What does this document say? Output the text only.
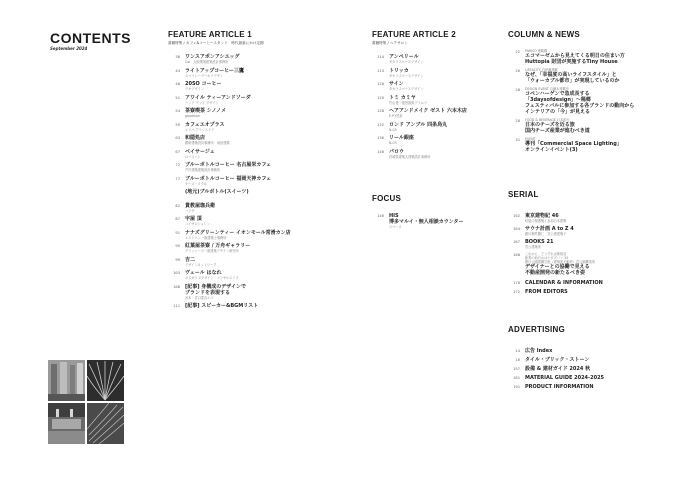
CONTENTS
September 2024
FEATURE ARTICLE 1
書籍特集 / カフェ&コーヒースタンド　時代最新にかけ定期
38 ワンスアポンアシエッグ
Cal　大阪環境建築設計事務所
44 ライトアップコーヒー三鷹
スペイシーデーホテデザン
48 20SO コーヒー
テキデザイン
51 アワイル ティーアンドソーダ
ハッド デッド デザイン
54 茶寮喫茶 シノノメ
goodman
59 カフェエオプラス
エリペ アリシスイテ
63 和隠処店
勝研建築設計事務所　雨読建築
67 ベイサージュ
ロースハト
72 ブルーボトルコーヒー 名古屋栄カフェ
芦沢建築建築設計事務所
77 ブルーボトルコーヒー 福岡天神カフェ
ケーズ・リクル
(地元)ブルボトル(スイーツ)
82 貴教屋珈兵衛
ハジサ
87 宇屋 頂
コイサジショシン
91 ナナズグリーンティー イオンモール常滑カン店
エストベン一級建築士事務所
95 紅葉屋茶寮 / 万舟ギャラリー
グラッシーズ一級建築デザイン研究所
99 吉二
デザインネットワーク
103 ヴェール はなれ
ボスガラフデザイン・コンサルスイフ
108 [記事] 身構成のデザインで
ブランドを表現する
岩本・宮口豊吉エコ
111 [記事] スピーカー&BGMリスト
FEATURE ARTICLE 2
書籍特集 / ヘアサロン
114 アンペリール
タカラスペースデザイン
115 トリッカ
タカラスペースデザイン
120 サイン
タカラスペースデザイン
125 トミ カミヤ
竹山建一建設級級デラルワ
128 ヘアアンドメイク ゼスト 六本木店
E.P.Y設計
132 ロンド アンブル 四条烏丸
N-03
136 リール銀座
N-03
140 パロウ
宮城県建築人建築設計事務所
FOCUS
146 HIS
博多マルイ・無人相談カウンター
スペース
COLUMN & NEWS
22 PARISO 連載構
エコマーゼムから見えてくる明日の住まい方
Huttopia 財団が実施するTiny House
26 LIFEACITY 自伊藤連載
なぜ、「幸福度の高いライフスタイル」と
「ウォーカブル都市」が実現しているのか
28 DESIGN EVENT 自藤本連載中
コペンハーゲンで急成長する
「3daysofdesign」～稀郷
フェスティバルに参加する各ブランドの動向から
インテリアの「今」が見える
28 FOOD & BEVERAGE 日本旅行
日本のチーズを近る旅
国内チーズ産業が進むべき道
31 EVENT
導刊「Commercial Space Lighting」
オンラインイベント(3)
SERIAL
162 東京建物紀 46
町屋口保護築 / 参加日本建築
164 サウナ計画 A to Z 4
銀川桐竹鶴仁　宮公建建築子
167 BOOKS 21
宮公建築家
168 これから、どうすれば新宿店
新奏の仙行おはナガズバン 20
銀行公園建構空旅（建築家不動産）宮公園構造所
デザイナーとの協働で見える
不動産開発の新たるべき姿
170 CALENDAR & INFORMATION
172 FROM EDITORS
ADVERTISING
14 広告 Index
16 タイル・ブリック・ストーン
157 設備 & 建材ガイド 2024 秋
181 MATERIAL GUIDE 2024-2025
191 PRODUCT INFORMATION
